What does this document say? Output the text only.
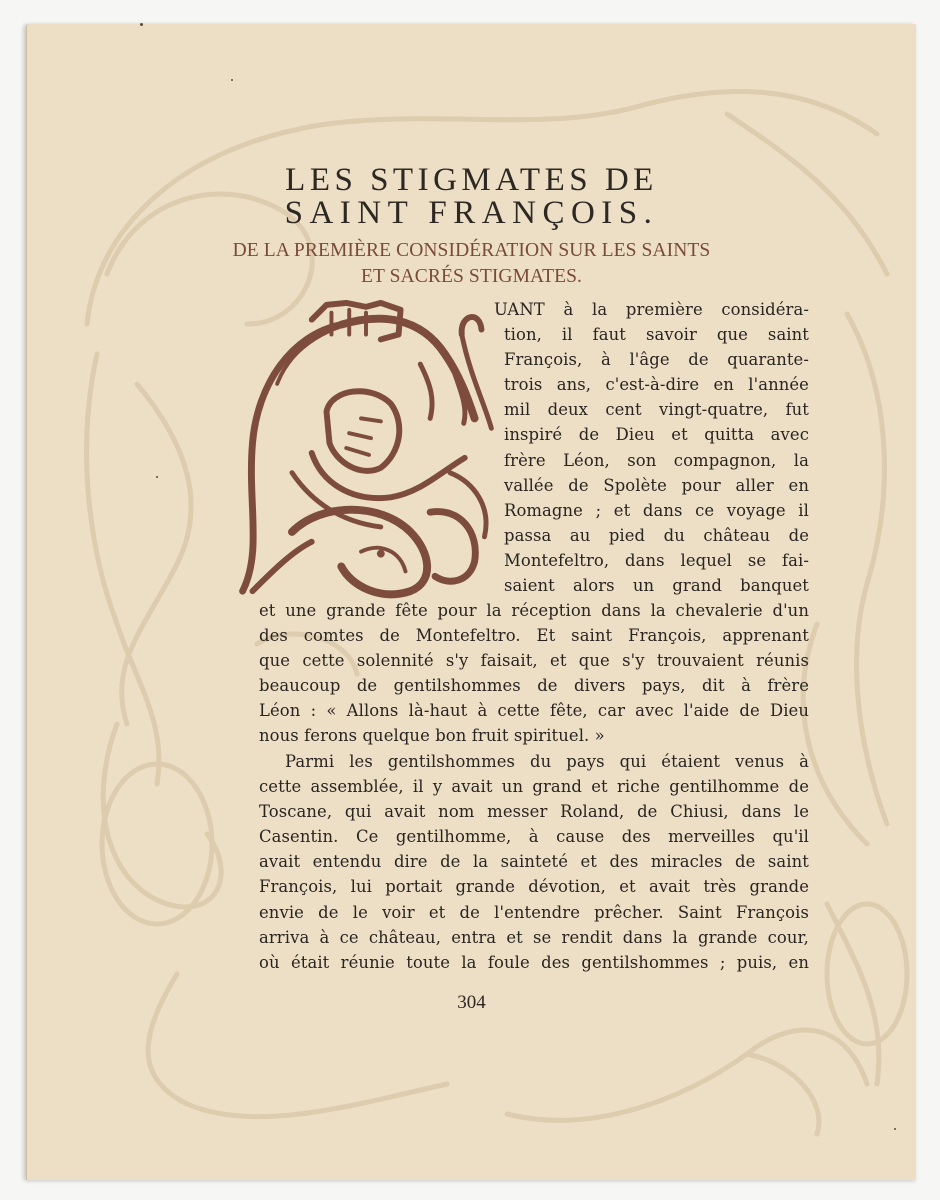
LES STIGMATES DE
SAINT FRANÇOIS.
DE LA PREMIÈRE CONSIDÉRATION SUR LES SAINTS
ET SACRÉS STIGMATES.
UANT à la première considéra-
tion, il faut savoir que saint
François, à l'âge de quarante-
trois ans, c'est-à-dire en l'année
mil deux cent vingt-quatre, fut
inspiré de Dieu et quitta avec
frère Léon, son compagnon, la
vallée de Spolète pour aller en
Romagne ; et dans ce voyage il
passa au pied du château de
Montefeltro, dans lequel se fai-
saient alors un grand banquet
et une grande fête pour la réception dans la chevalerie d'un
des comtes de Montefeltro. Et saint François, apprenant
que cette solennité s'y faisait, et que s'y trouvaient réunis
beaucoup de gentilshommes de divers pays, dit à frère
Léon : « Allons là-haut à cette fête, car avec l'aide de Dieu
nous ferons quelque bon fruit spirituel. »
Parmi les gentilshommes du pays qui étaient venus à
cette assemblée, il y avait un grand et riche gentilhomme de
Toscane, qui avait nom messer Roland, de Chiusi, dans le
Casentin. Ce gentilhomme, à cause des merveilles qu'il
avait entendu dire de la sainteté et des miracles de saint
François, lui portait grande dévotion, et avait très grande
envie de le voir et de l'entendre prêcher. Saint François
arriva à ce château, entra et se rendit dans la grande cour,
où était réunie toute la foule des gentilshommes ; puis, en
304
